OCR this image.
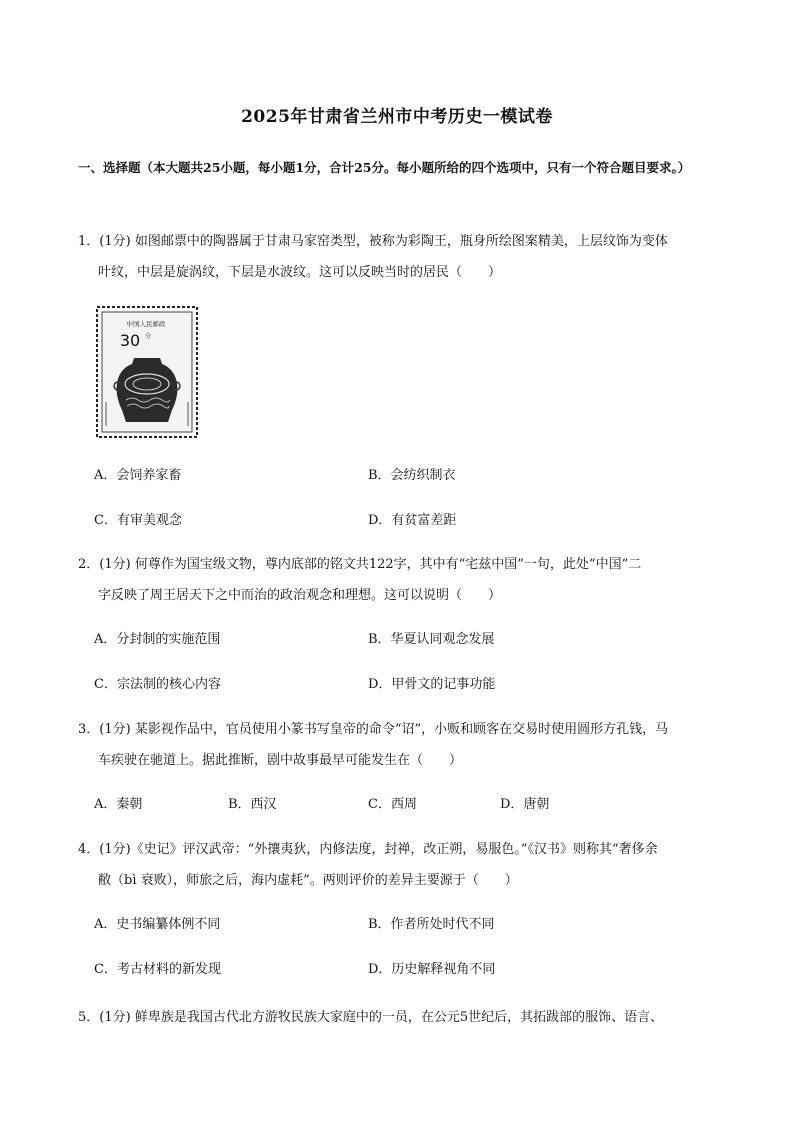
2025年甘肃省兰州市中考历史一模试卷
一、选择题（本大题共25小题，每小题1分，合计25分。每小题所给的四个选项中，只有一个符合题目要求。）
1．(1分) 如图邮票中的陶器属于甘肃马家窑类型，被称为彩陶王，瓶身所绘图案精美，上层纹饰为变体
叶纹，中层是旋涡纹，下层是水波纹。这可以反映当时的居民（　　）
中国人民邮政
30 分
A．会饲养家畜	B．会纺织制衣
C．有审美观念	D．有贫富差距
2．(1分) 何尊作为国宝级文物，尊内底部的铭文共122字，其中有“宅兹中国”一句，此处“中国”二
字反映了周王居天下之中而治的政治观念和理想。这可以说明（　　）
A．分封制的实施范围	B．华夏认同观念发展
C．宗法制的核心内容	D．甲骨文的记事功能
3．(1分) 某影视作品中，官员使用小篆书写皇帝的命令“诏”，小贩和顾客在交易时使用圆形方孔钱，马
车疾驶在驰道上。据此推断，剧中故事最早可能发生在（　　）
A．秦朝	B．西汉	C．西周	D．唐朝
4．(1分)《史记》评汉武帝：“外攘夷狄，内修法度，封禅，改正朔，易服色。”《汉书》则称其“奢侈余
敝（bì 衰败），师旅之后，海内虚耗”。两则评价的差异主要源于（　　）
A．史书编纂体例不同	B．作者所处时代不同
C．考古材料的新发现	D．历史解释视角不同
5．(1分) 鲜卑族是我国古代北方游牧民族大家庭中的一员，在公元5世纪后，其拓跋部的服饰、语言、
